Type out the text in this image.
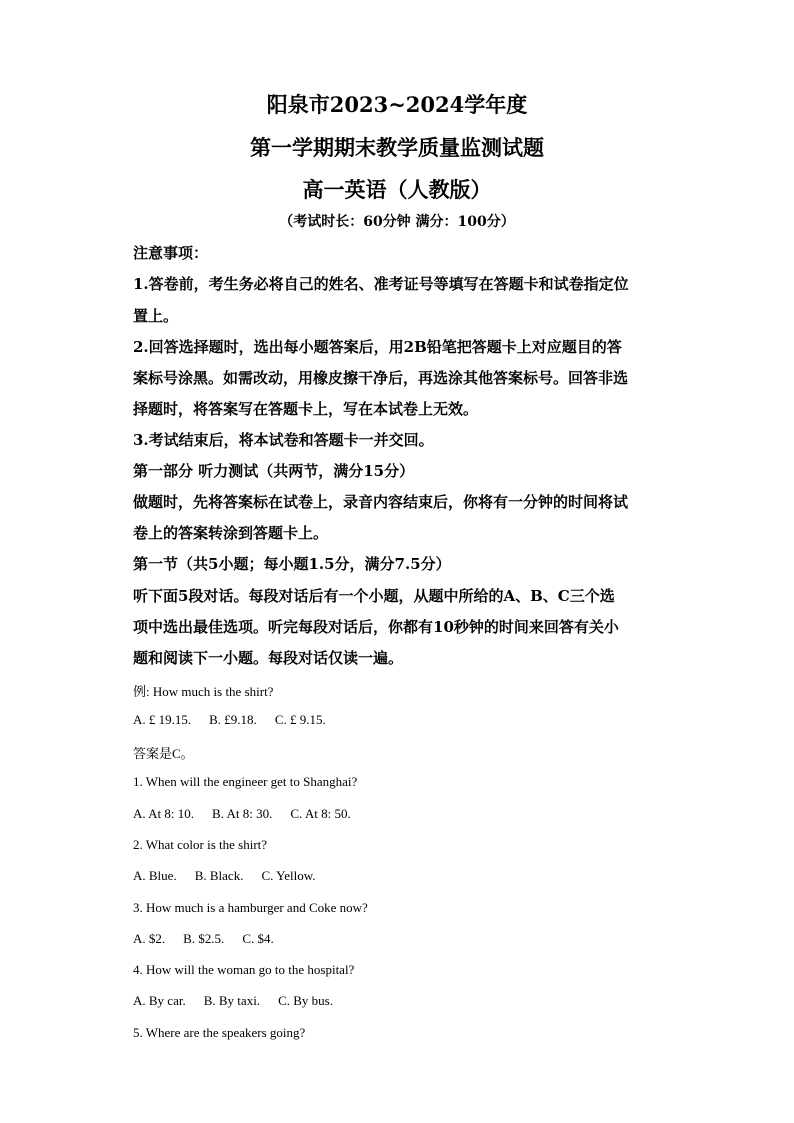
阳泉市2023~2024学年度
第一学期期末教学质量监测试题
高一英语（人教版）
（考试时长：60分钟 满分：100分）
注意事项：
1.答卷前，考生务必将自己的姓名、准考证号等填写在答题卡和试卷指定位
置上。
2.回答选择题时，选出每小题答案后，用2B铅笔把答题卡上对应题目的答
案标号涂黑。如需改动，用橡皮擦干净后，再选涂其他答案标号。回答非选
择题时，将答案写在答题卡上，写在本试卷上无效。
3.考试结束后，将本试卷和答题卡一并交回。
第一部分 听力测试（共两节，满分15分）
做题时，先将答案标在试卷上，录音内容结束后，你将有一分钟的时间将试
卷上的答案转涂到答题卡上。
第一节（共5小题；每小题1.5分，满分7.5分）
听下面5段对话。每段对话后有一个小题，从题中所给的A、B、C三个选
项中选出最佳选项。听完每段对话后，你都有10秒钟的时间来回答有关小
题和阅读下一小题。每段对话仅读一遍。
例: How much is the shirt?
A. £ 19.15. B. £9.18. C. £ 9.15.
答案是C。
1. When will the engineer get to Shanghai?
A. At 8: 10. B. At 8: 30. C. At 8: 50.
2. What color is the shirt?
A. Blue. B. Black. C. Yellow.
3. How much is a hamburger and Coke now?
A. $2. B. $2.5. C. $4.
4. How will the woman go to the hospital?
A. By car. B. By taxi. C. By bus.
5. Where are the speakers going?
